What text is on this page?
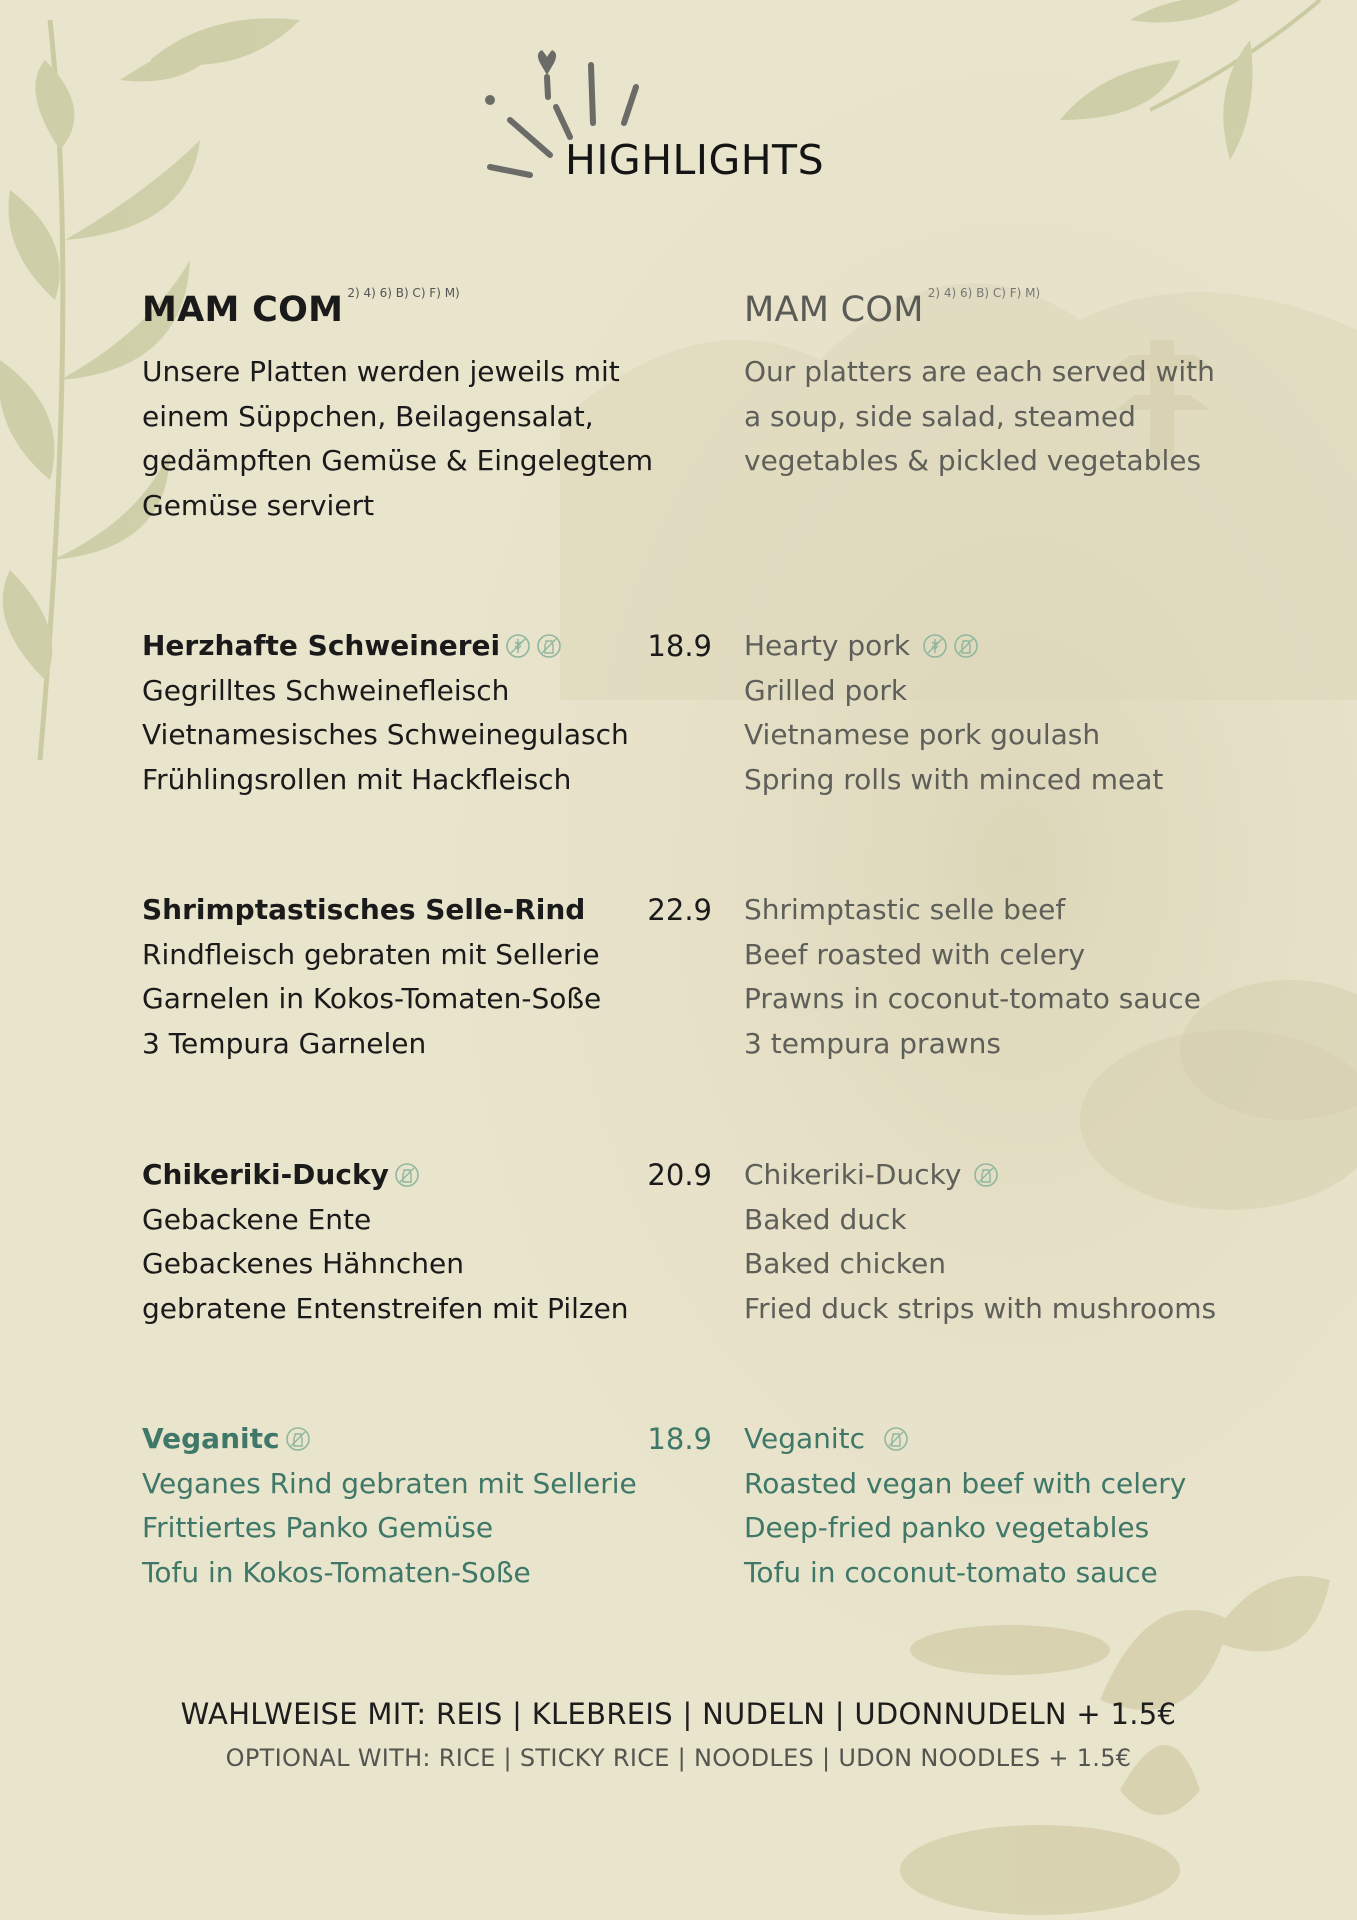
HIGHLIGHTS
MAM COM $^{2) 4) 6) B) C) F) M)}$
Unsere Platten werden jeweils mit
einem Süppchen, Beilagensalat,
gedämpften Gemüse & Eingelegtem
Gemüse serviert
MAM COM $^{2) 4) 6) B) C) F) M)}$
Our platters are each served with
a soup, side salad, steamed
vegetables & pickled vegetables
Herzhafte Schweinerei
Gegrilltes Schweinefleisch
Vietnamesisches Schweinegulasch
Frühlingsrollen mit Hackfleisch
18.9 Hearty pork
Grilled pork
Vietnamese pork goulash
Spring rolls with minced meat
Shrimptastisches Selle-Rind
Rindfleisch gebraten mit Sellerie
Garnelen in Kokos-Tomaten-Soße
3 Tempura Garnelen
22.9 Shrimptastic selle beef
Beef roasted with celery
Prawns in coconut-tomato sauce
3 tempura prawns
Chikeriki-Ducky
Gebackene Ente
Gebackenes Hähnchen
gebratene Entenstreifen mit Pilzen
20.9 Chikeriki-Ducky
Baked duck
Baked chicken
Fried duck strips with mushrooms
Veganitc
Veganes Rind gebraten mit Sellerie
Frittiertes Panko Gemüse
Tofu in Kokos-Tomaten-Soße
18.9 Veganitc
Roasted vegan beef with celery
Deep-fried panko vegetables
Tofu in coconut-tomato sauce
WAHLWEISE MIT: REIS | KLEBREIS | NUDELN | UDONNUDELN + 1.5€
OPTIONAL WITH: RICE | STICKY RICE | NOODLES | UDON NOODLES + 1.5€
